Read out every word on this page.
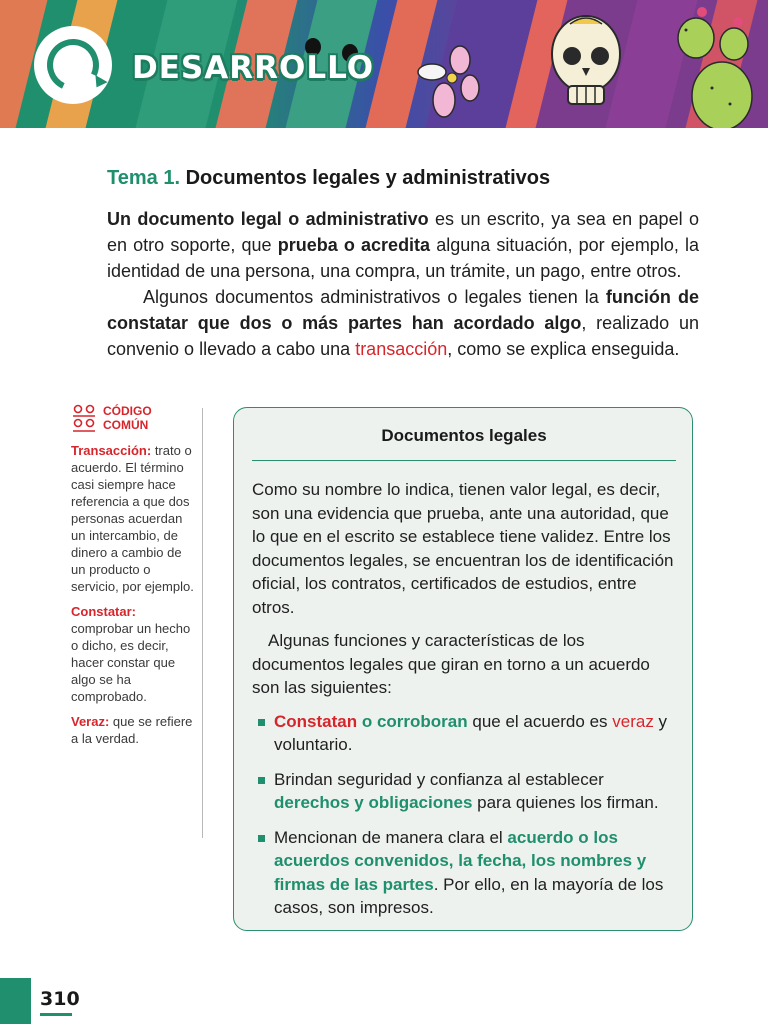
DESARROLLO
Tema 1. Documentos legales y administrativos

Un documento legal o administrativo es un escrito, ya sea en papel o en otro soporte, que prueba o acredita alguna situación, por ejemplo, la identidad de una persona, una compra, un trámite, un pago, entre otros.

Algunos documentos administrativos o legales tienen la función de constatar que dos o más partes han acordado algo, realizado un convenio o llevado a cabo una transacción, como se explica enseguida.

CÓDIGO
COMÚN
Transacción: trato o acuerdo. El término casi siempre hace referencia a que dos personas acuerdan un intercambio, de dinero a cambio de un producto o servicio, por ejemplo.
Constatar: comprobar un hecho o dicho, es decir, hacer constar que algo se ha comprobado.
Veraz: que se refiere a la verdad.
Documentos legales

Como su nombre lo indica, tienen valor legal, es decir, son una evidencia que prueba, ante una autoridad, que lo que en el escrito se establece tiene validez. Entre los documentos legales, se encuentran los de identificación oficial, los contratos, certificados de estudios, entre otros.

Algunas funciones y características de los documentos legales que giran en torno a un acuerdo son las siguientes:

Constatan o corroboran que el acuerdo es veraz y voluntario.
Brindan seguridad y confianza al establecer derechos y obligaciones para quienes los firman.
Mencionan de manera clara el acuerdo o los acuerdos convenidos, la fecha, los nombres y firmas de las partes. Por ello, en la mayoría de los casos, son impresos.
310
